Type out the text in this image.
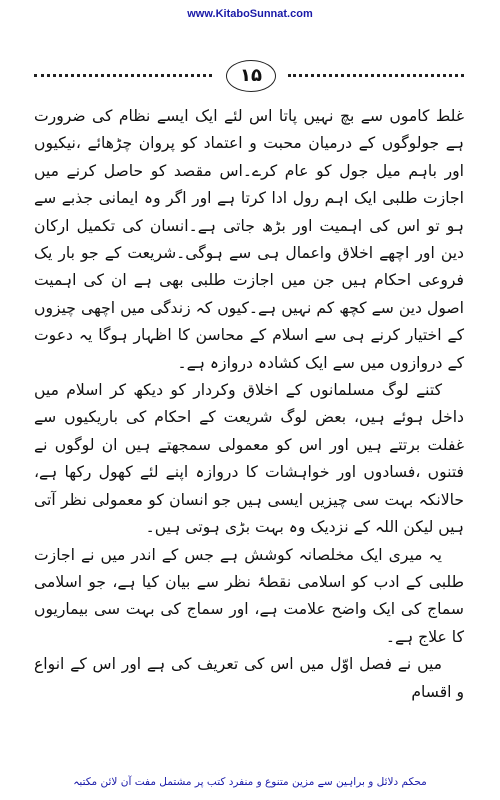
www.KitaboSunnat.com
۱۵

غلط کاموں سے بچ نہیں پاتا اس لئے ایک ایسے نظام کی ضرورت ہے جولوگوں کے درمیان محبت و اعتماد کو پروان چڑھائے ،نیکیوں اور باہم میل جول کو عام کرے۔اس مقصد کو حاصل کرنے میں اجازت طلبی ایک اہم رول ادا کرتا ہے اور اگر وہ ایمانی جذبے سے ہو تو اس کی اہمیت اور بڑھ جاتی ہے۔انسان کی تکمیل ارکان دین اور اچھے اخلاق واعمال ہی سے ہوگی۔شریعت کے جو بار یک فروعی احکام ہیں جن میں اجازت طلبی بھی ہے ان کی اہمیت اصول دین سے کچھ کم نہیں ہے۔کیوں کہ زندگی میں اچھی چیزوں کے اختیار کرنے ہی سے اسلام کے محاسن کا اظہار ہوگا یہ دعوت کے دروازوں میں سے ایک کشادہ دروازہ ہے۔

کتنے لوگ مسلمانوں کے اخلاق وکردار کو دیکھ کر اسلام میں داخل ہوئے ہیں، بعض لوگ شریعت کے احکام کی باریکیوں سے غفلت برتتے ہیں اور اس کو معمولی سمجھتے ہیں ان لوگوں نے فتنوں ،فسادوں اور خواہشات کا دروازہ اپنے لئے کھول رکھا ہے، حالانکہ بہت سی چیزیں ایسی ہیں جو انسان کو معمولی نظر آتی ہیں لیکن اللہ کے نزدیک وہ بہت بڑی ہوتی ہیں۔

یہ میری ایک مخلصانہ کوشش ہے جس کے اندر میں نے اجازت طلبی کے ادب کو اسلامی نقطۂ نظر سے بیان کیا ہے، جو اسلامی سماج کی ایک واضح علامت ہے، اور سماج کی بہت سی بیماریوں کا علاج ہے۔

میں نے فصل اوّل میں اس کی تعریف کی ہے اور اس کے انواع و اقسام

محکم دلائل و براہین سے مزین متنوع و منفرد کتب پر مشتمل مفت آن لائن مکتبہ
